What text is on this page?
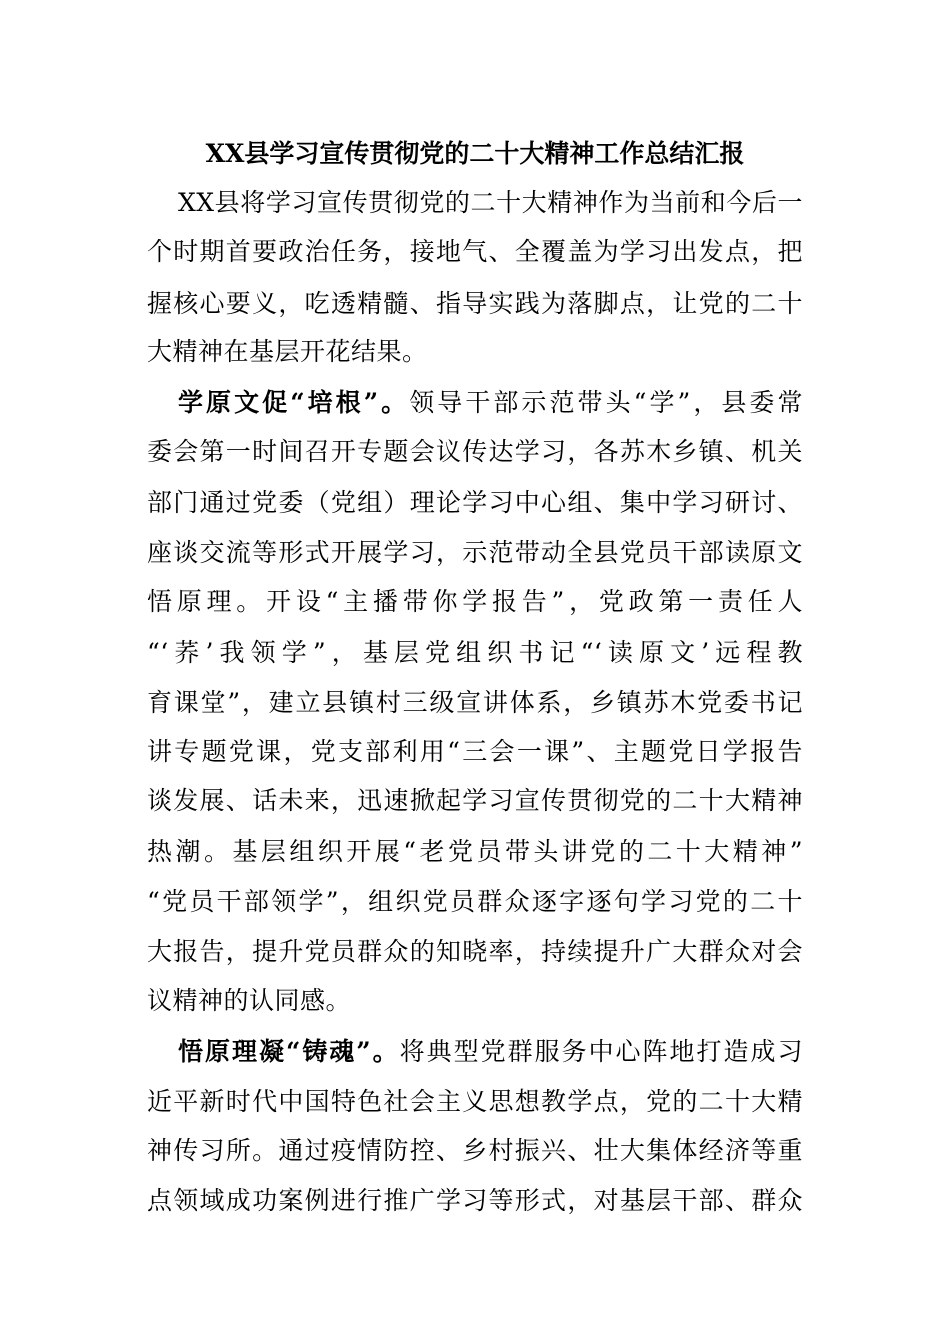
XX县学习宣传贯彻党的二十大精神工作总结汇报
XX县将学习宣传贯彻党的二十大精神作为当前和今后一
个时期首要政治任务，接地气、全覆盖为学习出发点，把
握核心要义，吃透精髓、指导实践为落脚点，让党的二十
大精神在基层开花结果。
学原文促“培根”。领导干部示范带头“学”，县委常
委会第一时间召开专题会议传达学习，各苏木乡镇、机关
部门通过党委（党组）理论学习中心组、集中学习研讨、
座谈交流等形式开展学习，示范带动全县党员干部读原文
悟原理。开设“主播带你学报告”，党政第一责任人
“‘荞’我领学”，基层党组织书记“‘读原文’远程教
育课堂”，建立县镇村三级宣讲体系，乡镇苏木党委书记
讲专题党课，党支部利用“三会一课”、主题党日学报告
谈发展、话未来，迅速掀起学习宣传贯彻党的二十大精神
热潮。基层组织开展“老党员带头讲党的二十大精神”
“党员干部领学”，组织党员群众逐字逐句学习党的二十
大报告，提升党员群众的知晓率，持续提升广大群众对会
议精神的认同感。
悟原理凝“铸魂”。将典型党群服务中心阵地打造成习
近平新时代中国特色社会主义思想教学点，党的二十大精
神传习所。通过疫情防控、乡村振兴、壮大集体经济等重
点领域成功案例进行推广学习等形式，对基层干部、群众
